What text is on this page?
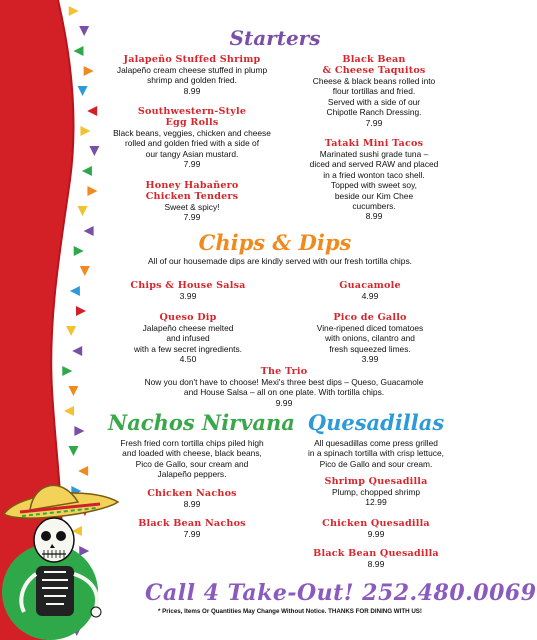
Starters
Jalapeño Stuffed Shrimp
Jalapeño cream cheese stuffed in plump
shrimp and golden fried.
8.99
Southwestern-Style
Egg Rolls
Black beans, veggies, chicken and cheese
rolled and golden fried with a side of
our tangy Asian mustard.
7.99
Honey Habañero
Chicken Tenders
Sweet & spicy!
7.99
Black Bean
& Cheese Taquitos
Cheese & black beans rolled into
flour tortillas and fried.
Served with a side of our
Chipotle Ranch Dressing.
7.99
Tataki Mini Tacos
Marinated sushi grade tuna –
diced and served RAW and placed
in a fried wonton taco shell.
Topped with sweet soy,
beside our Kim Chee
cucumbers.
8.99
Chips & Dips
All of our housemade dips are kindly served with our fresh tortilla chips.
Chips & House Salsa
3.99
Guacamole
4.99
Queso Dip
Jalapeño cheese melted
and infused
with a few secret ingredients.
4.50
Pico de Gallo
Vine-ripened diced tomatoes
with onions, cilantro and
fresh squeezed limes.
3.99
The Trio
Now you don't have to choose! Mexi's three best dips – Queso, Guacamole
and House Salsa – all on one plate. With tortilla chips.
9.99
Nachos Nirvana
Fresh fried corn tortilla chips piled high
and loaded with cheese, black beans,
Pico de Gallo, sour cream and
Jalapeño peppers.
Chicken Nachos
8.99
Black Bean Nachos
7.99
Quesadillas
All quesadillas come press grilled
in a spinach tortilla with crisp lettuce,
Pico de Gallo and sour cream.
Shrimp Quesadilla
Plump, chopped shrimp
12.99
Chicken Quesadilla
9.99
Black Bean Quesadilla
8.99
Call 4 Take-Out! 252.480.0069
* Prices, Items Or Quantities May Change Without Notice. THANKS FOR DINING WITH US!
